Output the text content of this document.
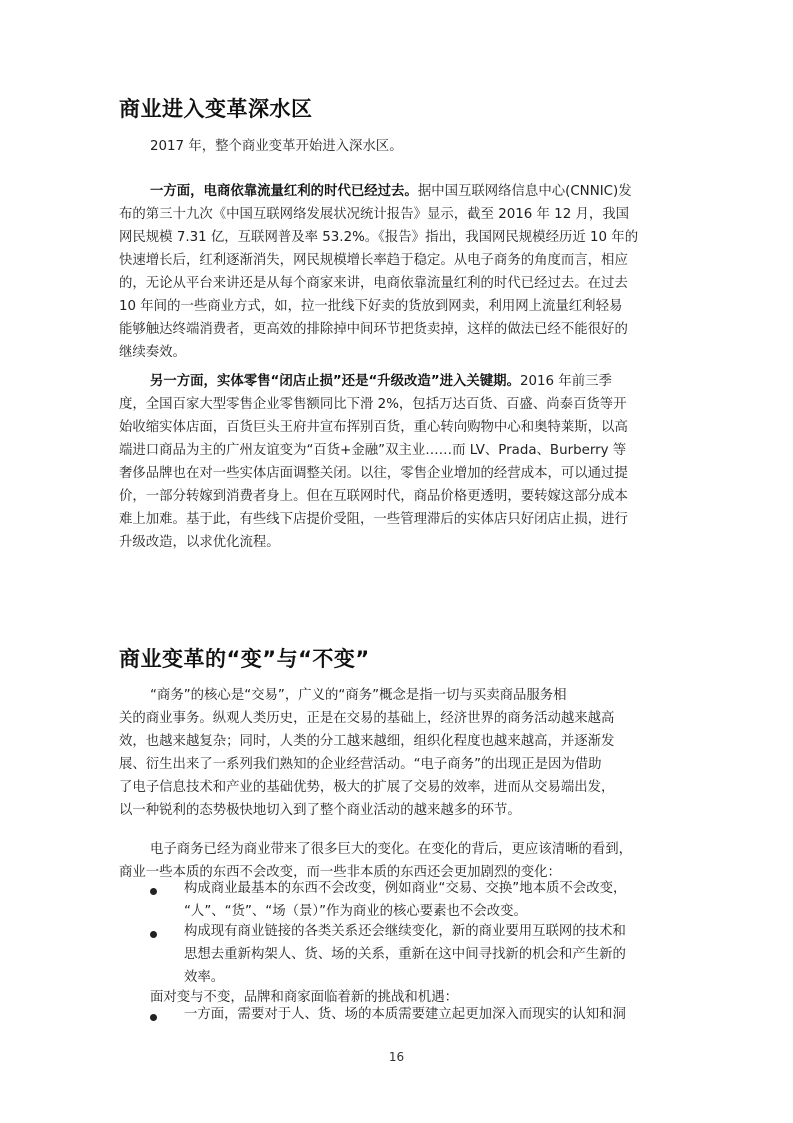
商业进入变革深水区

2017 年，整个商业变革开始进入深水区。

一方面，电商依靠流量红利的时代已经过去。据中国互联网络信息中心(CNNIC)发

布的第三十九次《中国互联网络发展状况统计报告》显示，截至 2016 年 12 月，我国

网民规模 7.31 亿，互联网普及率 53.2%。《报告》指出，我国网民规模经历近 10 年的

快速增长后，红利逐渐消失，网民规模增长率趋于稳定。从电子商务的角度而言，相应

的，无论从平台来讲还是从每个商家来讲，电商依靠流量红利的时代已经过去。在过去

10 年间的一些商业方式，如，拉一批线下好卖的货放到网卖，利用网上流量红利轻易

能够触达终端消费者，更高效的排除掉中间环节把货卖掉，这样的做法已经不能很好的

继续奏效。

另一方面，实体零售“闭店止损”还是“升级改造”进入关键期。2016 年前三季

度，全国百家大型零售企业零售额同比下滑 2%，包括万达百货、百盛、尚泰百货等开

始收缩实体店面，百货巨头王府井宣布挥别百货，重心转向购物中心和奥特莱斯，以高

端进口商品为主的广州友谊变为“百货+金融”双主业……而 LV、Prada、Burberry 等

奢侈品牌也在对一些实体店面调整关闭。以往，零售企业增加的经营成本，可以通过提

价，一部分转嫁到消费者身上。但在互联网时代，商品价格更透明，要转嫁这部分成本

难上加难。基于此，有些线下店提价受阻，一些管理滞后的实体店只好闭店止损，进行

升级改造，以求优化流程。

商业变革的“变”与“不变”

“商务”的核心是“交易”，广义的“商务”概念是指一切与买卖商品服务相

关的商业事务。纵观人类历史，正是在交易的基础上，经济世界的商务活动越来越高

效，也越来越复杂；同时，人类的分工越来越细，组织化程度也越来越高，并逐渐发

展、衍生出来了一系列我们熟知的企业经营活动。“电子商务”的出现正是因为借助

了电子信息技术和产业的基础优势，极大的扩展了交易的效率，进而从交易端出发，

以一种锐利的态势极快地切入到了整个商业活动的越来越多的环节。

电子商务已经为商业带来了很多巨大的变化。在变化的背后，更应该清晰的看到，

商业一些本质的东西不会改变，而一些非本质的东西还会更加剧烈的变化：

构成商业最基本的东西不会改变，例如商业“交易、交换”地本质不会改变，

“人”、“货”、“场（景）”作为商业的核心要素也不会改变。

构成现有商业链接的各类关系还会继续变化，新的商业要用互联网的技术和

思想去重新构架人、货、场的关系，重新在这中间寻找新的机会和产生新的

效率。

面对变与不变，品牌和商家面临着新的挑战和机遇：

一方面，需要对于人、货、场的本质需要建立起更加深入而现实的认知和洞

16
